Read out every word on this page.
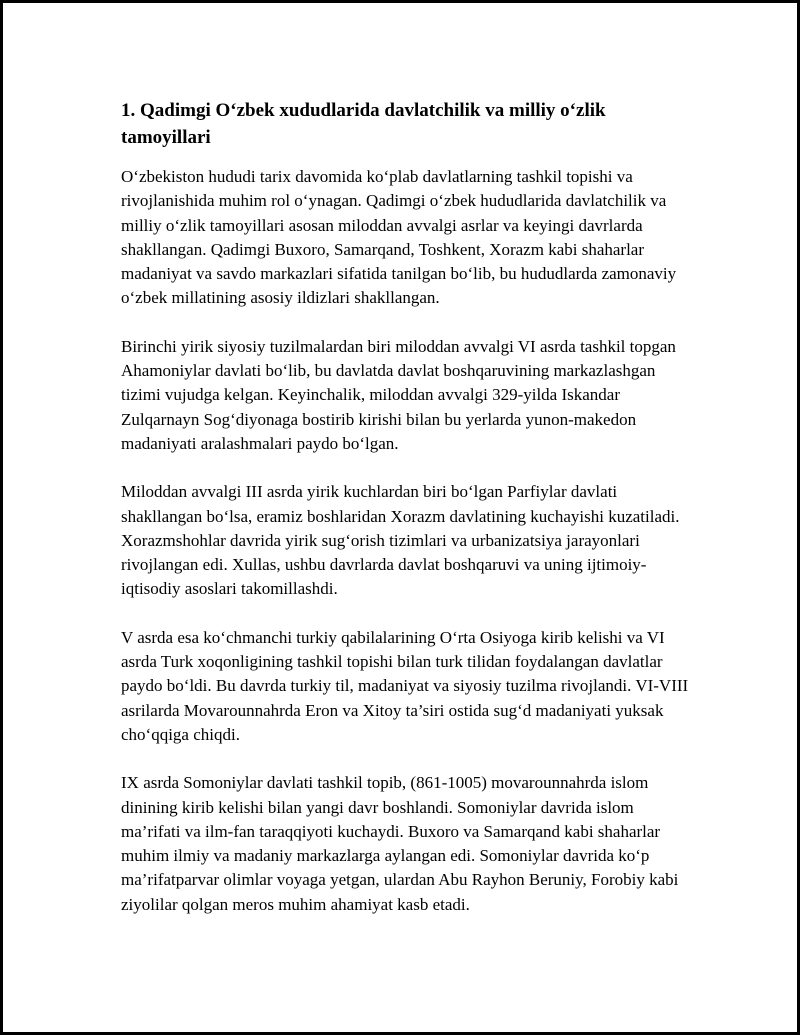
1. Qadimgi O‘zbek xududlarida davlatchilik va milliy o‘zlik tamoyillari

O‘zbekiston hududi tarix davomida ko‘plab davlatlarning tashkil topishi va rivojlanishida muhim rol o‘ynagan. Qadimgi o‘zbek hududlarida davlatchilik va milliy o‘zlik tamoyillari asosan miloddan avvalgi asrlar va keyingi davrlarda shakllangan. Qadimgi Buxoro, Samarqand, Toshkent, Xorazm kabi shaharlar madaniyat va savdo markazlari sifatida tanilgan bo‘lib, bu hududlarda zamonaviy o‘zbek millatining asosiy ildizlari shakllangan.

Birinchi yirik siyosiy tuzilmalardan biri miloddan avvalgi VI asrda tashkil topgan Ahamoniylar davlati bo‘lib, bu davlatda davlat boshqaruvining markazlashgan tizimi vujudga kelgan. Keyinchalik, miloddan avvalgi 329-yilda Iskandar Zulqarnayn Sog‘diyonaga bostirib kirishi bilan bu yerlarda yunon-makedon madaniyati aralashmalari paydo bo‘lgan.

Miloddan avvalgi III asrda yirik kuchlardan biri bo‘lgan Parfiylar davlati shakllangan bo‘lsa, eramiz boshlaridan Xorazm davlatining kuchayishi kuzatiladi. Xorazmshohlar davrida yirik sug‘orish tizimlari va urbanizatsiya jarayonlari rivojlangan edi. Xullas, ushbu davrlarda davlat boshqaruvi va uning ijtimoiy-iqtisodiy asoslari takomillashdi.

V asrda esa ko‘chmanchi turkiy qabilalarining O‘rta Osiyoga kirib kelishi va VI asrda Turk xoqonligining tashkil topishi bilan turk tilidan foydalangan davlatlar paydo bo‘ldi. Bu davrda turkiy til, madaniyat va siyosiy tuzilma rivojlandi. VI-VIII asrilarda Movarounnahrda Eron va Xitoy ta’siri ostida sug‘d madaniyati yuksak cho‘qqiga chiqdi.

IX asrda Somoniylar davlati tashkil topib, (861-1005) movarounnahrda islom dinining kirib kelishi bilan yangi davr boshlandi. Somoniylar davrida islom ma’rifati va ilm-fan taraqqiyoti kuchaydi. Buxoro va Samarqand kabi shaharlar muhim ilmiy va madaniy markazlarga aylangan edi. Somoniylar davrida ko‘p ma’rifatparvar olimlar voyaga yetgan, ulardan Abu Rayhon Beruniy, Forobiy kabi ziyolilar qolgan meros muhim ahamiyat kasb etadi.
